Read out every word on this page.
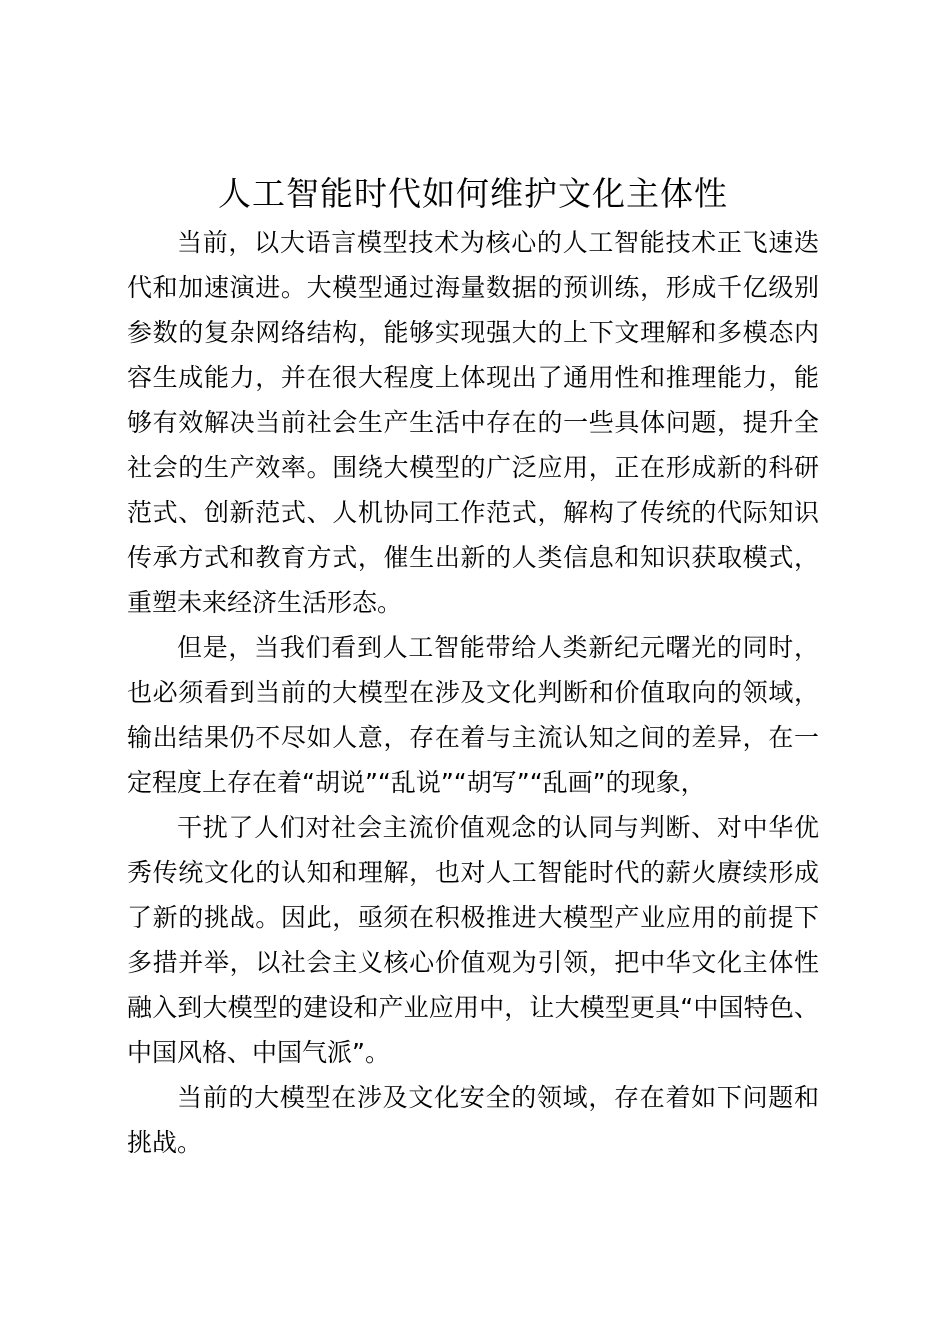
人工智能时代如何维护文化主体性

当前，以大语言模型技术为核心的人工智能技术正飞速迭代和加速演进。大模型通过海量数据的预训练，形成千亿级别参数的复杂网络结构，能够实现强大的上下文理解和多模态内容生成能力，并在很大程度上体现出了通用性和推理能力，能够有效解决当前社会生产生活中存在的一些具体问题，提升全社会的生产效率。围绕大模型的广泛应用，正在形成新的科研范式、创新范式、人机协同工作范式，解构了传统的代际知识传承方式和教育方式，催生出新的人类信息和知识获取模式，重塑未来经济生活形态。

但是，当我们看到人工智能带给人类新纪元曙光的同时，也必须看到当前的大模型在涉及文化判断和价值取向的领域，输出结果仍不尽如人意，存在着与主流认知之间的差异，在一定程度上存在着“胡说”“乱说”“胡写”“乱画”的现象，

干扰了人们对社会主流价值观念的认同与判断、对中华优秀传统文化的认知和理解，也对人工智能时代的薪火赓续形成了新的挑战。因此，亟须在积极推进大模型产业应用的前提下多措并举，以社会主义核心价值观为引领，把中华文化主体性融入到大模型的建设和产业应用中，让大模型更具“中国特色、中国风格、中国气派”。

当前的大模型在涉及文化安全的领域，存在着如下问题和挑战。
